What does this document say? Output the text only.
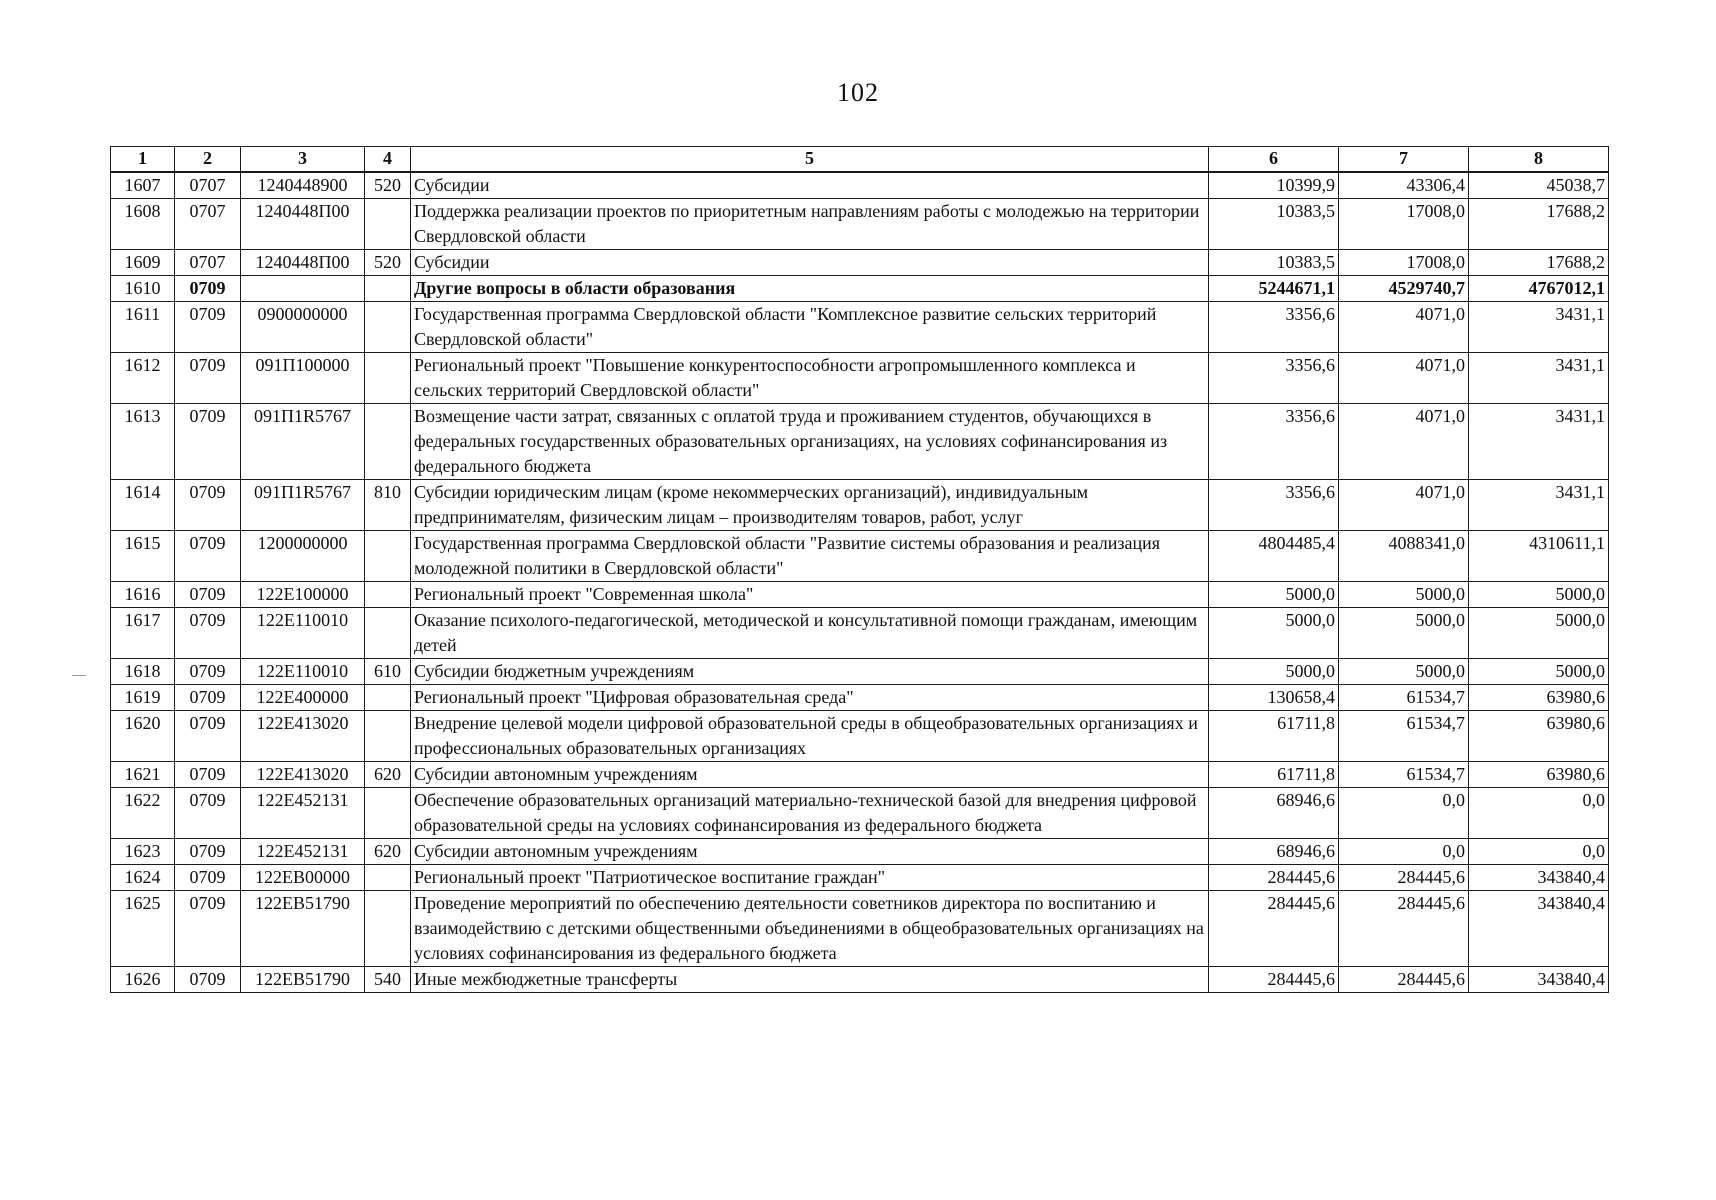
102
1	2	3	4	5	6	7	8
1607	0707	1240448900	520	Субсидии	10399,9	43306,4	45038,7
1608	0707	1240448П00		Поддержка реализации проектов по приоритетным направлениям работы с молодежью на территории Свердловской области	10383,5	17008,0	17688,2
1609	0707	1240448П00	520	Субсидии	10383,5	17008,0	17688,2
1610	0709			Другие вопросы в области образования	5244671,1	4529740,7	4767012,1
1611	0709	0900000000		Государственная программа Свердловской области "Комплексное развитие сельских территорий Свердловской области"	3356,6	4071,0	3431,1
1612	0709	091П100000		Региональный проект "Повышение конкурентоспособности агропромышленного комплекса и сельских территорий Свердловской области"	3356,6	4071,0	3431,1
1613	0709	091П1R5767		Возмещение части затрат, связанных с оплатой труда и проживанием студентов, обучающихся в федеральных государственных образовательных организациях, на условиях софинансирования из федерального бюджета	3356,6	4071,0	3431,1
1614	0709	091П1R5767	810	Субсидии юридическим лицам (кроме некоммерческих организаций), индивидуальным предпринимателям, физическим лицам – производителям товаров, работ, услуг	3356,6	4071,0	3431,1
1615	0709	1200000000		Государственная программа Свердловской области "Развитие системы образования и реализация молодежной политики в Свердловской области"	4804485,4	4088341,0	4310611,1
1616	0709	122Е100000		Региональный проект "Современная школа"	5000,0	5000,0	5000,0
1617	0709	122Е110010		Оказание психолого-педагогической, методической и консультативной помощи гражданам, имеющим детей	5000,0	5000,0	5000,0
1618	0709	122Е110010	610	Субсидии бюджетным учреждениям	5000,0	5000,0	5000,0
1619	0709	122Е400000		Региональный проект "Цифровая образовательная среда"	130658,4	61534,7	63980,6
1620	0709	122Е413020		Внедрение целевой модели цифровой образовательной среды в общеобразовательных организациях и профессиональных образовательных организациях	61711,8	61534,7	63980,6
1621	0709	122Е413020	620	Субсидии автономным учреждениям	61711,8	61534,7	63980,6
1622	0709	122Е452131		Обеспечение образовательных организаций материально-технической базой для внедрения цифровой образовательной среды на условиях софинансирования из федерального бюджета	68946,6	0,0	0,0
1623	0709	122Е452131	620	Субсидии автономным учреждениям	68946,6	0,0	0,0
1624	0709	122ЕВ00000		Региональный проект "Патриотическое воспитание граждан"	284445,6	284445,6	343840,4
1625	0709	122ЕВ51790		Проведение мероприятий по обеспечению деятельности советников директора по воспитанию и взаимодействию с детскими общественными объединениями в общеобразовательных организациях на условиях софинансирования из федерального бюджета	284445,6	284445,6	343840,4
1626	0709	122ЕВ51790	540	Иные межбюджетные трансферты	284445,6	284445,6	343840,4
